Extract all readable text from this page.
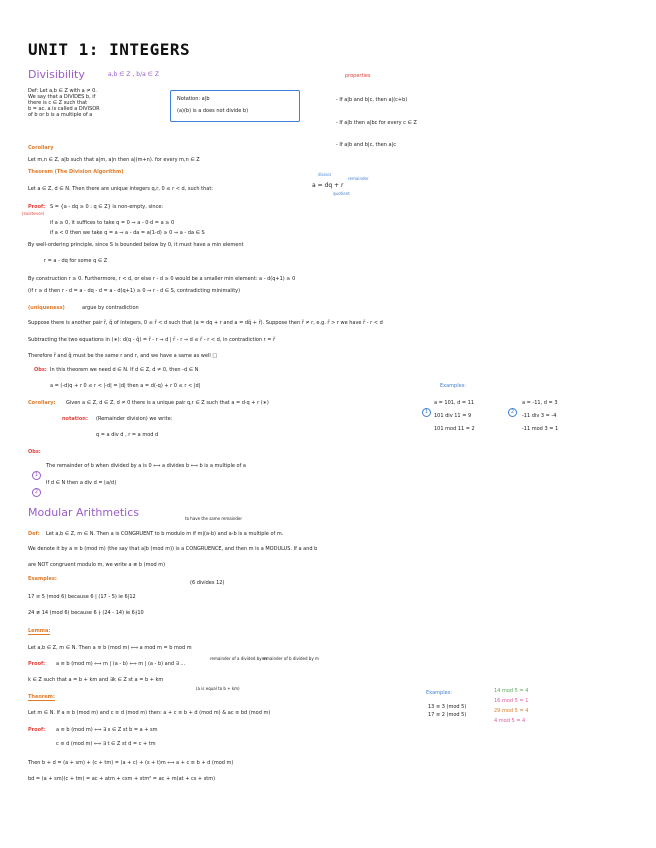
UNIT 1: INTEGERS
Divisibility	a,b ∈ Z , b/a ∈ Z
Def: Let a,b ∈ Z with a ≠ 0.
We say that a DIVIDES b, if
there is c ∈ Z such that
b = ac. a is called a DIVISOR
of b or b is a multiple of a
Notation: a|b
(a)(b) is a does not divide b)
properties
- If a|b and b|c, then a|(c+b)
- If a|b then a|bc for every c ∈ Z
- If a|b and b|c, then a|c
Corollary
Let m,n ∈ Z, a|b such that a|m, a|n then a|(m+n). for every m,n ∈ Z
Theorem (The Division Algorithm)
Let a ∈ Z, d ∈ N. Then there are unique integers q,r, 0 ≤ r < d, such that:	a = dq + r
divisor
remainder
quotient
Proof:
(existence)
S = {a - dq ≥ 0 : q ∈ Z} is non-empty, since:
if a ≥ 0, it suffices to take q = 0 ⇒ a - 0·d = a ≥ 0
if a < 0 then we take q = a ⇒ a - da = a(1-d) ≥ 0 ⇒ a - da ∈ S
By well-ordering principle, since S is bounded below by 0, it must have a min element
r = a - dq for some q ∈ Z
By construction r ≥ 0. Furthermore, r < d, or else r - d ≥ 0 would be a smaller min element: a - d(q+1) ≥ 0
(if r ≥ d then r - d = a - dq - d = a - d(q+1) ≥ 0 ⇒ r - d ∈ S, contradicting minimality)
(uniqueness)	argue by contradiction
Suppose there is another pair r̃, q̃ of integers, 0 ≤ r̃ < d such that (a = dq + r and a = dq̃ + r̃). Suppose then r̃ ≠ r, e.g. r̃ > r we have r̃ - r < d
Subtracting the two equations in (∗): d(q - q̃) = r̃ - r ⇒ d | r̃ - r ⇒ d ≤ r̃ - r < d, in contradiction r = r̃
Therefore r̃ and q̃ must be the same r and r, and we have a same as well □
Obs: In this theorem we need d ∈ N. If d ∈ Z, d ≠ 0, then -d ∈ N
a = (-d)q + r 0 ≤ r < |-d| = |d| then a = d(-q) + r 0 ≤ r < |d|
Corollary: Given a ∈ Z, d ∈ Z, d ≠ 0 there is a unique pair q,r ∈ Z such that a = d·q + r (∗)
notation: (Remainder division) we write:
q = a div d , r = a mod d
Examples:
1
a = 101, d = 11
101 div 11 = 9
101 mod 11 = 2
2
a = -11, d = 3
-11 div 3 = -4
-11 mod 3 = 1
Obs:
1
The remainder of b when divided by a is 0 ⟺ a divides b ⟺ b is a multiple of a
2
If d ∈ N then a div d = ⌊a/d⌋
Modular Arithmetics	to have the same remainder
Def: Let a,b ∈ Z, m ∈ N. Then a is CONGRUENT to b modulo m if m|(a-b) and a-b is a multiple of m.
We denote it by a ≡ b (mod m) (the say that a|b (mod m)) is a CONGRUENCE, and then m is a MODULUS. If a and b
are NOT congruent modulo m, we write a ≢ b (mod m)
Examples:
(6 divides 12)
17 ≡ 5 (mod 6) because 6 | (17 - 5) ie 6|12
24 ≢ 14 (mod 6) because 6 ∤ (24 - 14) ie 6∤10
Lemma:
Let a,b ∈ Z, m ∈ N. Then a ≡ b (mod m) ⟺ a mod m = b mod m
remainder of a divided by m
remainder of b divided by m
Proof: a ≡ b (mod m) ⟺ m | (a - b) ⟺ m | (a - b) and ∃ ...
k ∈ Z such that a = b + km and ∃k ∈ Z st a = b + km
(a is equal to b + km)
Theorem:
Let m ∈ N. If a ≡ b (mod m) and c ≡ d (mod m) then: a + c ≡ b + d (mod m) & ac ≡ bd (mod m)
Examples:
13 ≡ 3 (mod 5)
17 ≡ 2 (mod 5)
14 mod 5 = 4
16 mod 5 = 1
29 mod 5 = 4
4 mod 5 = 4
Proof: a ≡ b (mod m) ⟺ ∃ s ∈ Z st b = a + sm
c ≡ d (mod m) ⟺ ∃ t ∈ Z st d = c + tm
Then b + d = (a + sm) + (c + tm) = (a + c) + (s + t)m ⟺ a + c ≡ b + d (mod m)
bd = (a + sm)(c + tm) = ac + atm + csm + stm² = ac + m(at + cs + stm)
